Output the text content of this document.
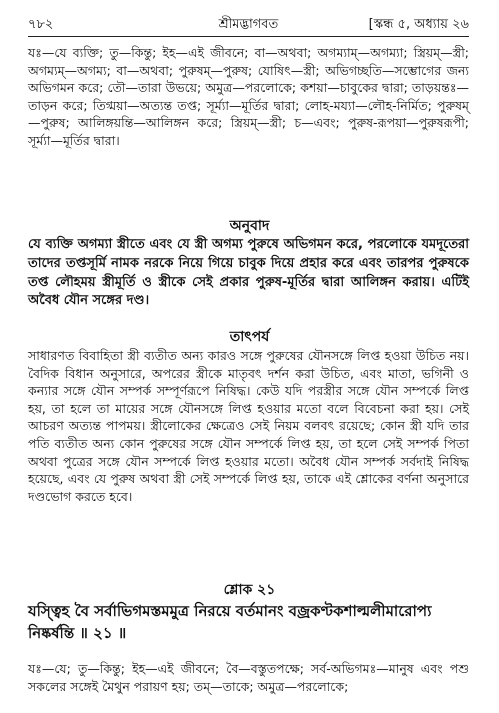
৭৮২	শ্রীমদ্ভাগবত	[স্কন্ধ ৫, অধ্যায় ২৬

যঃ—যে ব্যক্তি; তু—কিন্তু; ইহ—এই জীবনে; বা—অথবা; অগম্যাম্—অগম্যা; স্ত্রিয়ম্—স্ত্রী; অগম্যম্—অগম্য; বা—অথবা; পুরুষম্—পুরুষ; যোষিৎ—স্ত্রী; অভিগচ্ছতি—সম্ভোগের জন্য অভিগমন করে; তৌ—তারা উভয়ে; অমুত্র—পরলোকে; কশয়া—চাবুকের দ্বারা; তাড়য়ন্তঃ—তাড়ন করে; তিগ্ময়া—অত্যন্ত তপ্ত; সূর্ম্যা—মূর্তির দ্বারা; লোহ-ময্যা—লৌহ-নির্মিত; পুরুষম্—পুরুষ; আলিঙ্গয়ন্তি—আলিঙ্গন করে; স্ত্রিয়ম্—স্ত্রী; চ—এবং; পুরুষ-রূপয়া—পুরুষরূপী; সূর্ম্যা—মূর্তির দ্বারা।

অনুবাদ

যে ব্যক্তি অগম্যা স্ত্রীতে এবং যে স্ত্রী অগম্য পুরুষে অভিগমন করে, পরলোকে যমদূতেরা তাদের তপ্তসূর্মি নামক নরকে নিয়ে গিয়ে চাবুক দিয়ে প্রহার করে এবং তারপর পুরুষকে তপ্ত লৌহময় স্ত্রীমূর্তি ও স্ত্রীকে সেই প্রকার পুরুষ-মূর্তির দ্বারা আলিঙ্গন করায়। এটিই অবৈধ যৌন সঙ্গের দণ্ড।

তাৎপর্য

সাধারণত বিবাহিতা স্ত্রী ব্যতীত অন্য কারও সঙ্গে পুরুষের যৌনসঙ্গে লিপ্ত হওয়া উচিত নয়। বৈদিক বিধান অনুসারে, অপরের স্ত্রীকে মাতৃবৎ দর্শন করা উচিত, এবং মাতা, ভগিনী ও কন্যার সঙ্গে যৌন সম্পর্ক সম্পূর্ণরূপে নিষিদ্ধ। কেউ যদি পরস্ত্রীর সঙ্গে যৌন সম্পর্কে লিপ্ত হয়, তা হলে তা মায়ের সঙ্গে যৌনসঙ্গে লিপ্ত হওয়ার মতো বলে বিবেচনা করা হয়। সেই আচরণ অত্যন্ত পাপময়। স্ত্রীলোকের ক্ষেত্রেও সেই নিয়ম বলবৎ রয়েছে; কোন স্ত্রী যদি তার পতি ব্যতীত অন্য কোন পুরুষের সঙ্গে যৌন সম্পর্কে লিপ্ত হয়, তা হলে সেই সম্পর্ক পিতা অথবা পুত্রের সঙ্গে যৌন সম্পর্কে লিপ্ত হওয়ার মতো। অবৈধ যৌন সম্পর্ক সর্বদাই নিষিদ্ধ হয়েছে, এবং যে পুরুষ অথবা স্ত্রী সেই সম্পর্কে লিপ্ত হয়, তাকে এই শ্লোকের বর্ণনা অনুসারে দণ্ডভোগ করতে হবে।

শ্লোক ২১
যস্ত্বিহ বৈ সর্বাভিগমস্তমমুত্র নিরয়ে বর্তমানং বজ্রকণ্টকশাল্মলীমারোপ্য নিষ্কর্ষন্তি ॥ ২১ ॥

যঃ—যে; তু—কিন্তু; ইহ—এই জীবনে; বৈ—বস্তুতপক্ষে; সর্ব-অভিগমঃ—মানুষ এবং পশু সকলের সঙ্গেই মৈথুন পরায়ণ হয়; তম্—তাকে; অমুত্র—পরলোকে;
